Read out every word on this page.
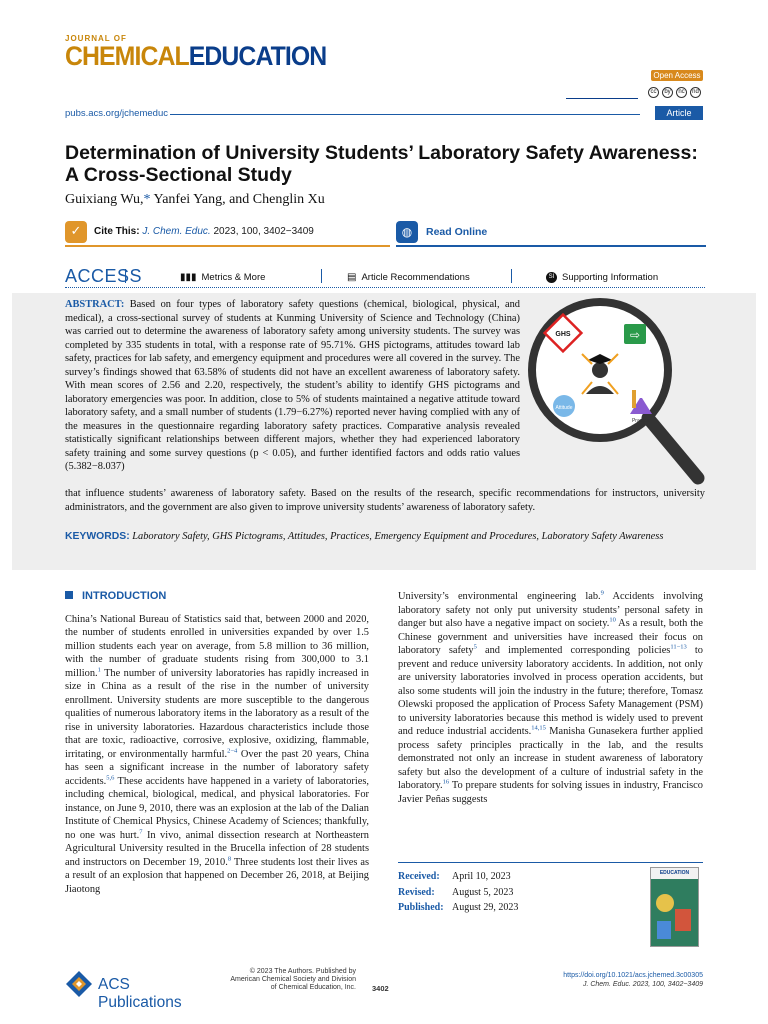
JOURNAL OF
CHEMICALEDUCATION
Open Access
cc	by	nc	nd
pubs.acs.org/jchemeduc	Article
Determination of University Students’ Laboratory Safety Awareness: A Cross-Sectional Study
Guixiang Wu,* Yanfei Yang, and Chenglin Xu
✓	Cite This: J. Chem. Educ. 2023, 100, 3402−3409	◍	Read Online
ACCESS	▮▮▮ Metrics & More	▤ Article Recommendations	SI Supporting Information
ABSTRACT: Based on four types of laboratory safety questions (chemical, biological, physical, and medical), a cross-sectional survey of students at Kunming University of Science and Technology (China) was carried out to determine the awareness of laboratory safety among university students. The survey was completed by 335 students in total, with a response rate of 95.71%. GHS pictograms, attitudes toward lab safety, practices for lab safety, and emergency equipment and procedures were all covered in the survey. The survey’s findings showed that 63.58% of students did not have an excellent awareness of laboratory safety. With mean scores of 2.56 and 2.20, respectively, the student’s ability to identify GHS pictograms and laboratory emergencies was poor. In addition, close to 5% of students maintained a negative attitude toward laboratory safety, and a small number of students (1.79−6.27%) reported never having complied with any of the measures in the questionnaire regarding laboratory safety practices. Comparative analysis revealed statistically significant relationships between different majors, whether they had experienced laboratory safety training and some survey questions (p < 0.05), and further identified factors and odds ratio values (5.382−8.037)
that influence students’ awareness of laboratory safety. Based on the results of the research, specific recommendations for instructors, university administrators, and the government are also given to improve university students’ awareness of laboratory safety.
KEYWORDS: Laboratory Safety, GHS Pictograms, Attitudes, Practices, Emergency Equipment and Procedures, Laboratory Safety Awareness
GHS	⇨
Attitude
Practice
INTRODUCTION

China’s National Bureau of Statistics said that, between 2000 and 2020, the number of students enrolled in universities expanded by over 1.5 million students each year on average, from 5.8 million to 36 million, with the number of graduate students rising from 300,000 to 3.1 million.$^1$ The number of university laboratories has rapidly increased in size in China as a result of the rise in the number of university enrollment. University students are more susceptible to the dangerous qualities of numerous laboratory items in the laboratory as a result of the rise in university laboratories. Hazardous characteristics include those that are toxic, radioactive, corrosive, explosive, oxidizing, flammable, irritating, or environmentally harmful.$^{2-4}$ Over the past 20 years, China has seen a significant increase in the number of laboratory safety accidents.$^{5,6}$ These accidents have happened in a variety of laboratories, including chemical, biological, medical, and physical laboratories. For instance, on June 9, 2010, there was an explosion at the lab of the Dalian Institute of Chemical Physics, Chinese Academy of Sciences; thankfully, no one was hurt.$^7$ In vivo, animal dissection research at Northeastern Agricultural University resulted in the Brucella infection of 28 students and instructors on December 19, 2010.$^8$ Three students lost their lives as a result of an explosion that happened on December 26, 2018, at Beijing Jiaotong

University’s environmental engineering lab.$^9$ Accidents involving laboratory safety not only put university students’ personal safety in danger but also have a negative impact on society.$^{10}$ As a result, both the Chinese government and universities have increased their focus on laboratory safety$^5$ and implemented corresponding policies$^{11-13}$ to prevent and reduce university laboratory accidents. In addition, not only are university laboratories involved in process operation accidents, but also some students will join the industry in the future; therefore, Tomasz Olewski proposed the application of Process Safety Management (PSM) to university laboratories because this method is widely used to prevent and reduce industrial accidents.$^{14,15}$ Manisha Gunasekera further applied process safety principles practically in the lab, and the results demonstrated not only an increase in student awareness of laboratory safety but also the development of a culture of industrial safety in the laboratory.$^{16}$ To prepare students for solving issues in industry, Francisco Javier Peñas suggests

Received: April 10, 2023
Revised: August 5, 2023
Published: August 29, 2023
EDUCATION
ACS Publications
© 2023 The Authors. Published by
American Chemical Society and Division
of Chemical Education, Inc. 3402
https://doi.org/10.1021/acs.jchemed.3c00305
J. Chem. Educ. 2023, 100, 3402−3409
